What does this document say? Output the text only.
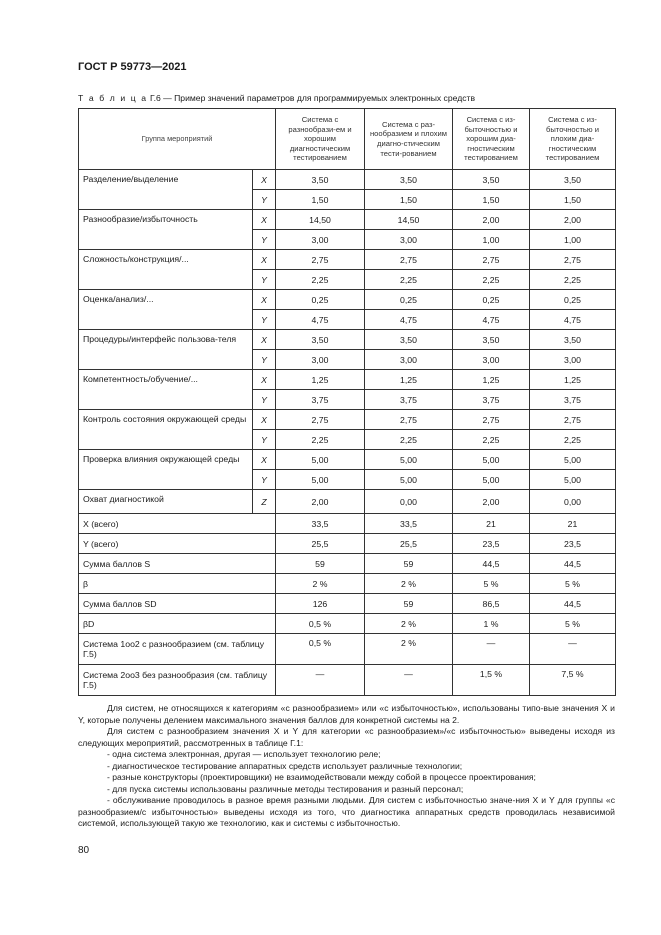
ГОСТ Р 59773—2021
Т а б л и ц а Г.6 — Пример значений параметров для программируемых электронных средств
Группа мероприятий		Система с разнообрази-ем и хорошим диагностическим тестированием	Система с раз-нообразием и плохим диагно-стическим тести-рованием	Система с из-быточностью и хорошим диа-гностическим тестированием	Система с из-быточностью и плохим диа-гностическим тестированием
Разделение/выделение	X	3,50	3,50	3,50	3,50
	Y	1,50	1,50	1,50	1,50
Разнообразие/избыточность	X	14,50	14,50	2,00	2,00
	Y	3,00	3,00	1,00	1,00
Сложность/конструкция/...	X	2,75	2,75	2,75	2,75
	Y	2,25	2,25	2,25	2,25
Оценка/анализ/...	X	0,25	0,25	0,25	0,25
	Y	4,75	4,75	4,75	4,75
Процедуры/интерфейс пользова-теля	X	3,50	3,50	3,50	3,50
	Y	3,00	3,00	3,00	3,00
Компетентность/обучение/...	X	1,25	1,25	1,25	1,25
	Y	3,75	3,75	3,75	3,75
Контроль состояния окружающей среды	X	2,75	2,75	2,75	2,75
	Y	2,25	2,25	2,25	2,25
Проверка влияния окружающей среды	X	5,00	5,00	5,00	5,00
	Y	5,00	5,00	5,00	5,00
Охват диагностикой	Z	2,00	0,00	2,00	0,00
X (всего)		33,5	33,5	21	21
Y (всего)		25,5	25,5	23,5	23,5
Сумма баллов S		59	59	44,5	44,5
β		2 %	2 %	5 %	5 %
Сумма баллов SD		126	59	86,5	44,5
βD		0,5 %	2 %	1 %	5 %
Система 1oo2 с разнообразием (см. таблицу Г.5)		0,5 %	2 %	—	—
Система 2oo3 без разнообразия (см. таблицу Г.5)		—	—	1,5 %	7,5 %

Для систем, не относящихся к категориям «с разнообразием» или «с избыточностью», использованы типо-вые значения X и Y, которые получены делением максимального значения баллов для конкретной системы на 2.

Для систем с разнообразием значения X и Y для категории «с разнообразием»/«с избыточностью» выведены исходя из следующих мероприятий, рассмотренных в таблице Г.1:

- одна система электронная, другая — использует технологию реле;

- диагностическое тестирование аппаратных средств использует различные технологии;

- разные конструкторы (проектировщики) не взаимодействовали между собой в процессе проектирования;

- для пуска системы использованы различные методы тестирования и разный персонал;

- обслуживание проводилось в разное время разными людьми. Для систем с избыточностью значе-ния X и Y для группы «с разнообразием/с избыточностью» выведены исходя из того, что диагностика аппаратных средств проводилась независимой системой, использующей такую же технологию, как и системы с избыточностью.

80
